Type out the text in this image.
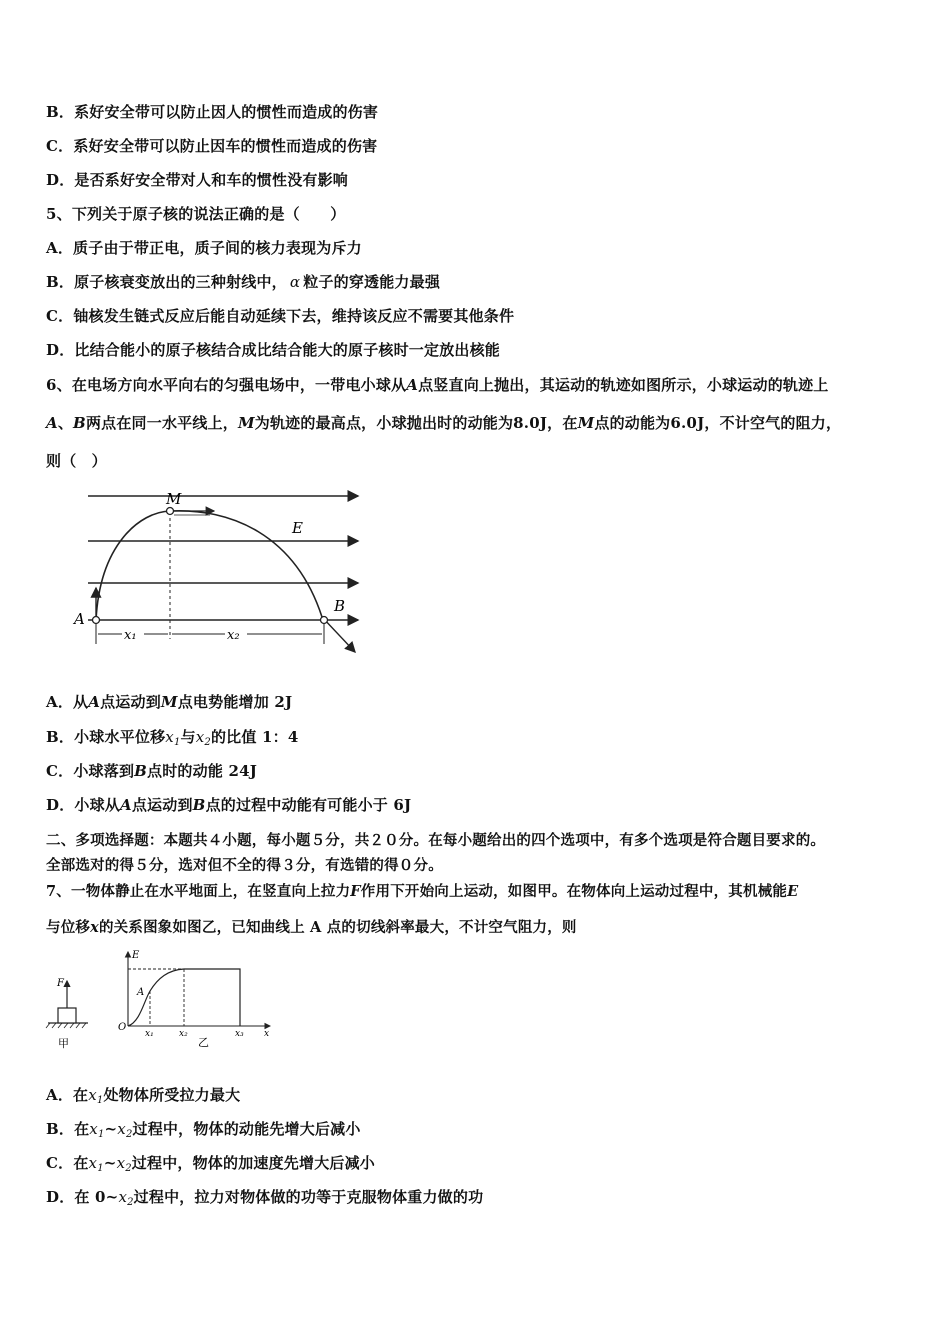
B．系好安全带可以防止因人的惯性而造成的伤害
C．系好安全带可以防止因车的惯性而造成的伤害
D．是否系好安全带对人和车的惯性没有影响
5、下列关于原子核的说法正确的是（　　）
A．质子由于带正电，质子间的核力表现为斥力
B．原子核衰变放出的三种射线中， α 粒子的穿透能力最强
C．铀核发生链式反应后能自动延续下去，维持该反应不需要其他条件
D．比结合能小的原子核结合成比结合能大的原子核时一定放出核能
6、在电场方向水平向右的匀强电场中，一带电小球从A点竖直向上抛出，其运动的轨迹如图所示，小球运动的轨迹上
A、B两点在同一水平线上，M为轨迹的最高点，小球抛出时的动能为8.0J，在M点的动能为6.0J，不计空气的阻力，
则（　）
M
E
A
B
x₁	x₂
A．从A点运动到M点电势能增加 2J
B．小球水平位移$x_1$与$x_2$的比值 1：4
C．小球落到B点时的动能 24J
D．小球从A点运动到B点的过程中动能有可能小于 6J
二、多项选择题：本题共４小题，每小题５分，共２０分。在每小题给出的四个选项中，有多个选项是符合题目要求的。
全部选对的得５分，选对但不全的得３分，有选错的得０分。
7、一物体静止在水平地面上，在竖直向上拉力F作用下开始向上运动，如图甲。在物体向上运动过程中，其机械能E
与位移x的关系图象如图乙，已知曲线上 A 点的切线斜率最大，不计空气阻力，则
F
甲
E
A
O
x₁	x₂	x₃ x
乙
A．在$x_1$处物体所受拉力最大
B．在$x_1\sim x_2$过程中，物体的动能先增大后减小
C．在$x_1\sim x_2$过程中，物体的加速度先增大后减小
D．在 $0\sim x_2$过程中，拉力对物体做的功等于克服物体重力做的功
